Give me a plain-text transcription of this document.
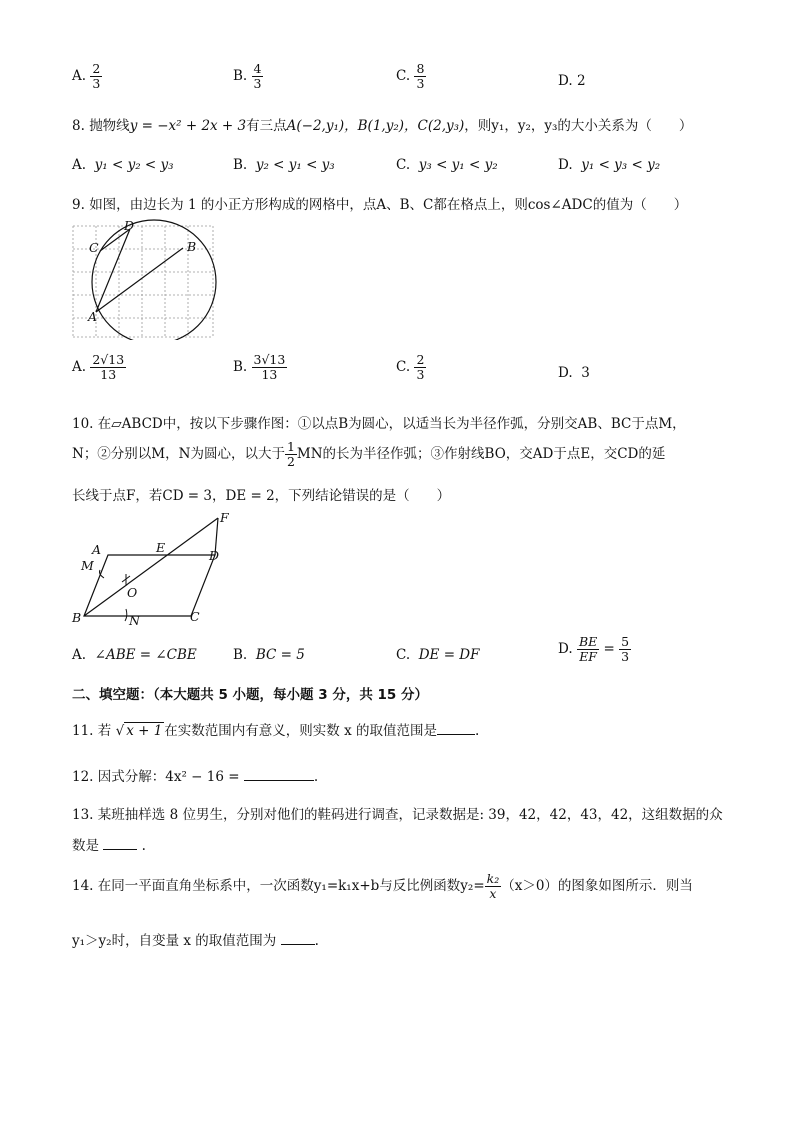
A. $\frac{2}{3}$	B. $\frac{4}{3}$	C. $\frac{8}{3}$	D. 2
8. 抛物线y = −x² + 2x + 3有三点A(−2,y₁)，B(1,y₂)，C(2,y₃)，则y₁，y₂，y₃的大小关系为（　　）
A. y₁ < y₂ < y₃	B. y₂ < y₁ < y₃	C. y₃ < y₁ < y₂	D. y₁ < y₃ < y₂
9. 如图，由边长为 1 的小正方形构成的网格中，点A、B、C都在格点上，则cos∠ADC的值为（　　）
C
D
B
A
A. $\frac{2√13}{13}$	B. $\frac{3√13}{13}$	C. $\frac{2}{3}$	D. 3
10. 在▱ABCD中，按以下步骤作图：①以点B为圆心，以适当长为半径作弧，分别交AB、BC于点M，
N；②分别以M，N为圆心，以大于 $\frac{1}{2}$ MN的长为半径作弧；③作射线BO，交AD于点E，交CD的延
长线于点F，若CD = 3，DE = 2，下列结论错误的是（　　）
A	E
D
F
M
O
B	C
N
A. ∠ABE = ∠CBE	B. BC = 5	C. DE = DF	D. $\frac{BE}{EF} = \frac{5}{3}$
二、填空题：（本大题共 5 小题，每小题 3 分，共 15 分）
11. 若 √ x + 1 在实数范围内有意义，则实数 x 的取值范围是	.
12. 因式分解：4x² − 16 =	.
13. 某班抽样选 8 位男生，分别对他们的鞋码进行调查，记录数据是: 39，42，42，43，42，这组数据的众
数是	.
14. 在同一平面直角坐标系中，一次函数y₁=k₁x+b与反比例函数$y_2= \frac{\text{k₂}}{x} (x>0)$的图象如图所示．则当
y₁＞y₂时，自变量 x 的取值范围为	.
